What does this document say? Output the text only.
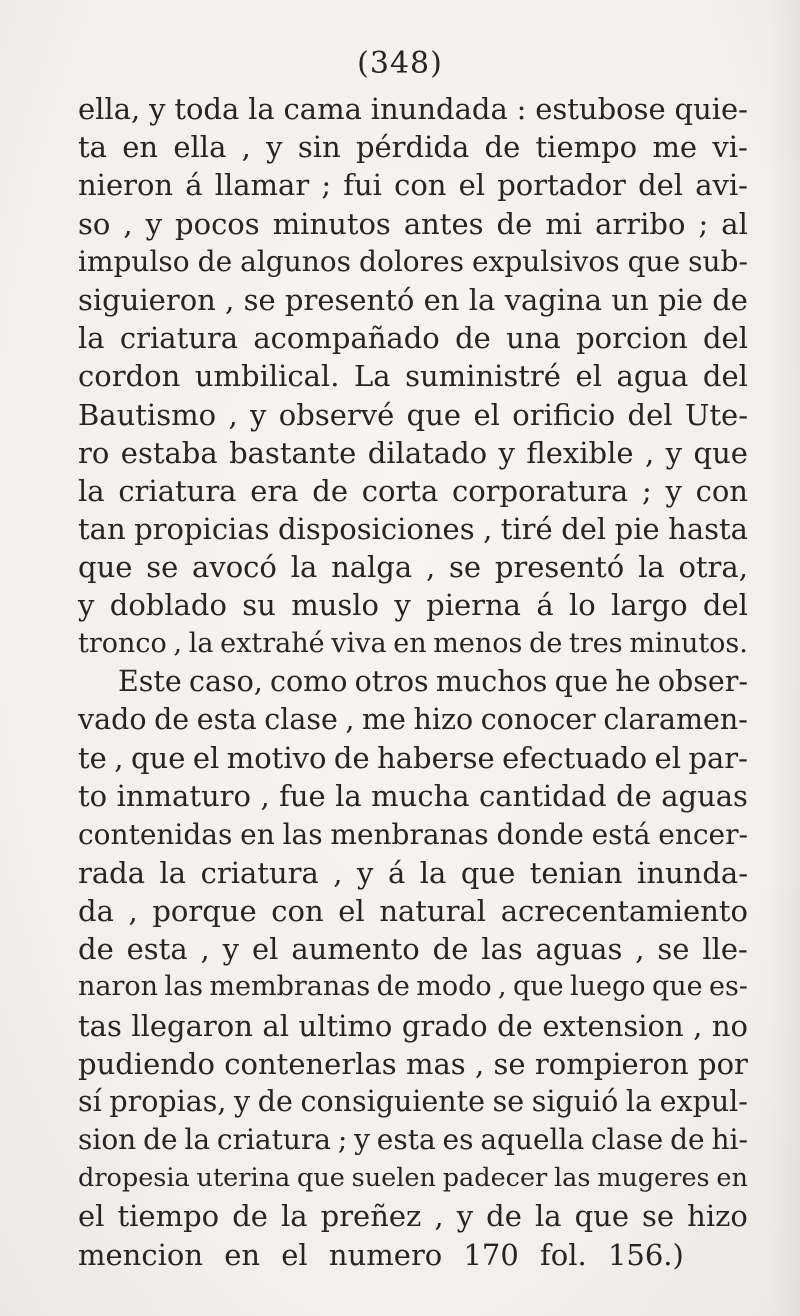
(348)
ella, y toda la cama inundada : estubose quie-
ta en ella , y sin pérdida de tiempo me vi-
nieron á llamar ; fui con el portador del avi-
so , y pocos minutos antes de mi arribo ; al
impulso de algunos dolores expulsivos que sub-
siguieron , se presentó en la vagina un pie de
la criatura acompañado de una porcion del
cordon umbilical. La suministré el agua del
Bautismo , y observé que el orificio del Ute-
ro estaba bastante dilatado y flexible , y que
la criatura era de corta corporatura ; y con
tan propicias disposiciones , tiré del pie hasta
que se avocó la nalga , se presentó la otra,
y doblado su muslo y pierna á lo largo del
tronco , la extrahé viva en menos de tres minutos.
Este caso, como otros muchos que he obser-
vado de esta clase , me hizo conocer claramen-
te , que el motivo de haberse efectuado el par-
to inmaturo , fue la mucha cantidad de aguas
contenidas en las menbranas donde está encer-
rada la criatura , y á la que tenian inunda-
da , porque con el natural acrecentamiento
de esta , y el aumento de las aguas , se lle-
naron las membranas de modo , que luego que es-
tas llegaron al ultimo grado de extension , no
pudiendo contenerlas mas , se rompieron por
sí propias, y de consiguiente se siguió la expul-
sion de la criatura ; y esta es aquella clase de hi-
dropesia uterina que suelen padecer las mugeres en
el tiempo de la preñez , y de la que se hizo
mencion en el numero 170 fol. 156.)
